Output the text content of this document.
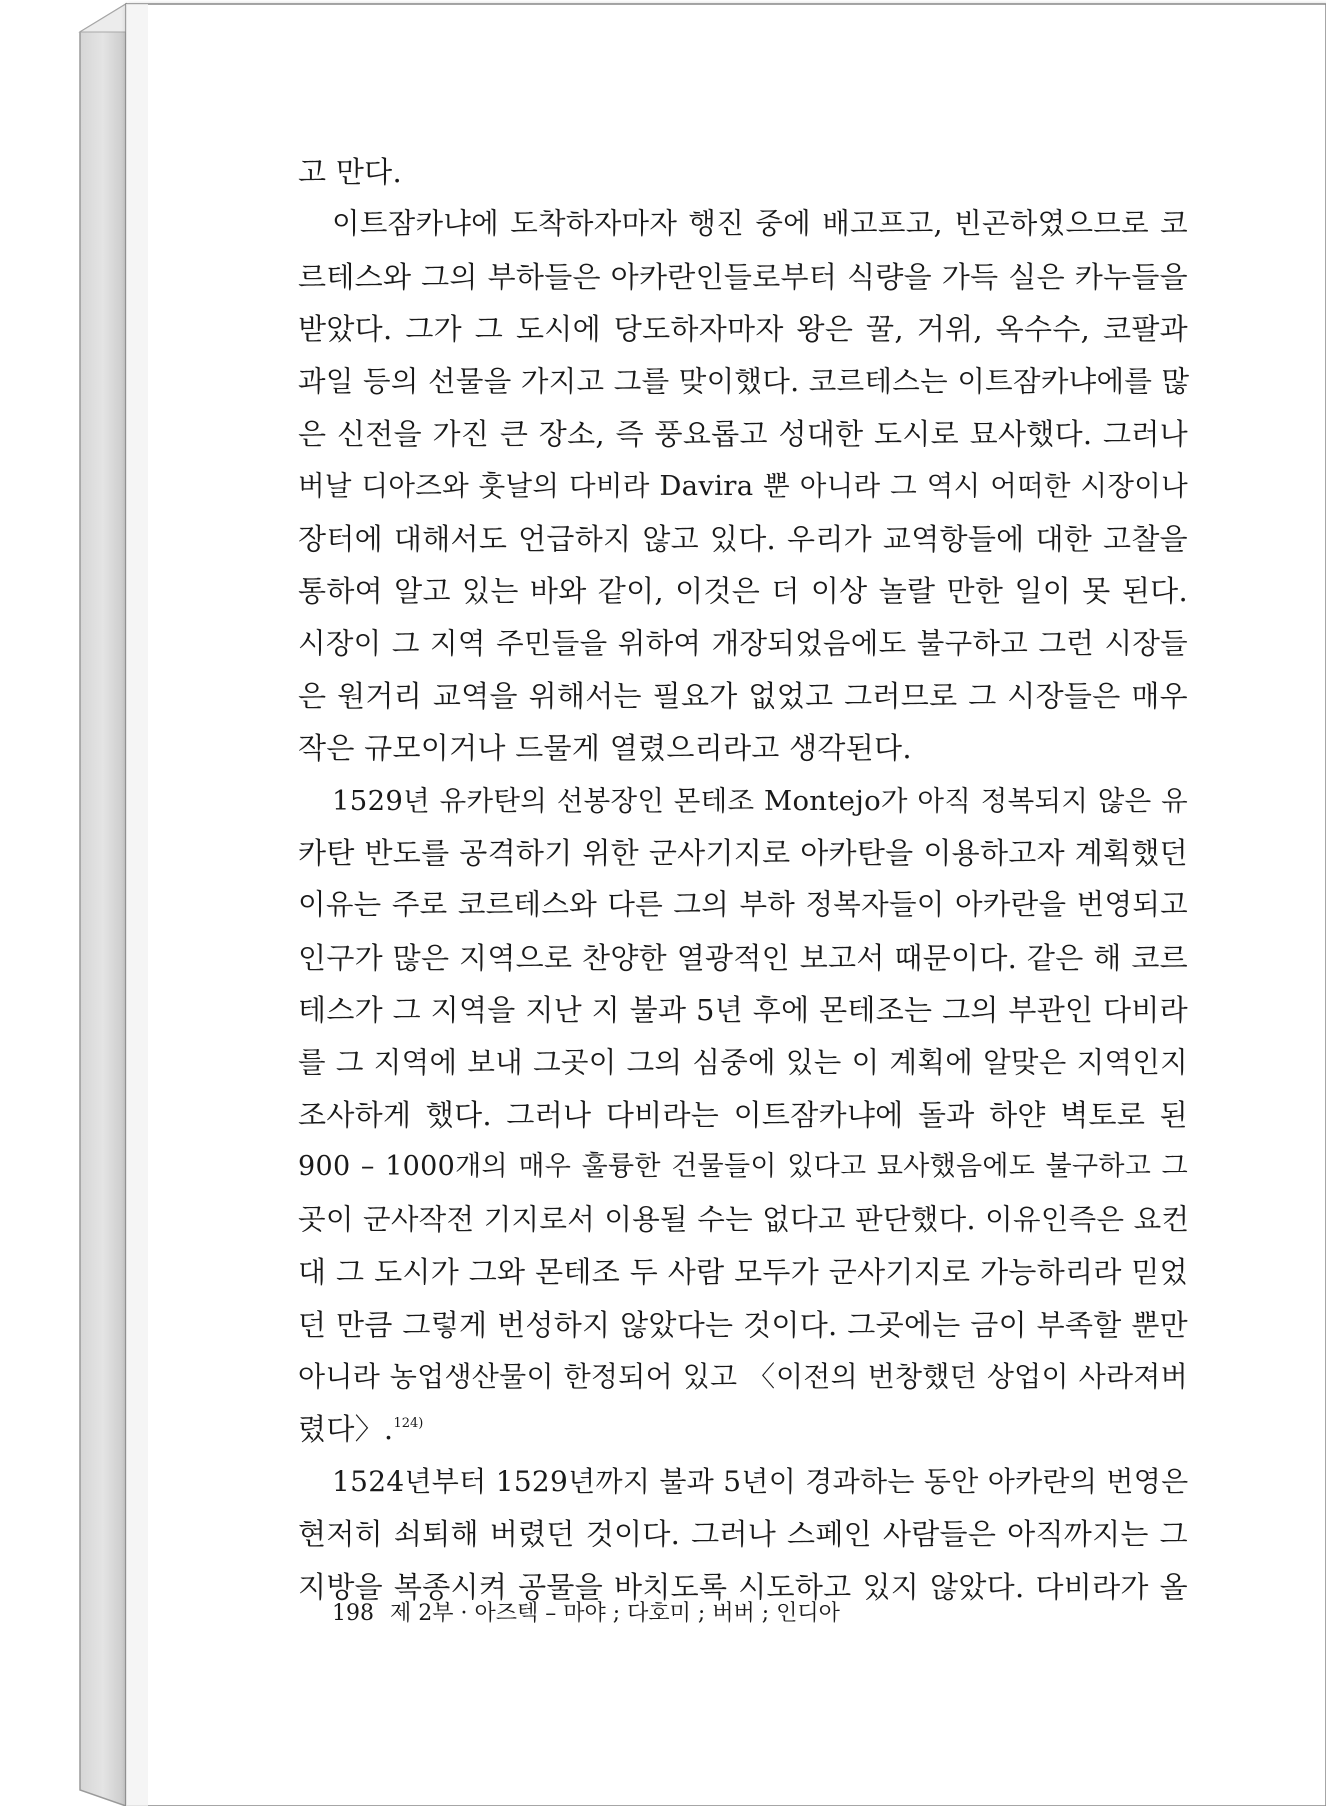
고 만다.
이트잠카냐에 도착하자마자 행진 중에 배고프고, 빈곤하였으므로 코
르테스와 그의 부하들은 아카란인들로부터 식량을 가득 실은 카누들을
받았다. 그가 그 도시에 당도하자마자 왕은 꿀, 거위, 옥수수, 코팔과
과일 등의 선물을 가지고 그를 맞이했다. 코르테스는 이트잠카냐에를 많
은 신전을 가진 큰 장소, 즉 풍요롭고 성대한 도시로 묘사했다. 그러나
버날 디아즈와 훗날의 다비라 Davira 뿐 아니라 그 역시 어떠한 시장이나
장터에 대해서도 언급하지 않고 있다. 우리가 교역항들에 대한 고찰을
통하여 알고 있는 바와 같이, 이것은 더 이상 놀랄 만한 일이 못 된다.
시장이 그 지역 주민들을 위하여 개장되었음에도 불구하고 그런 시장들
은 원거리 교역을 위해서는 필요가 없었고 그러므로 그 시장들은 매우
작은 규모이거나 드물게 열렸으리라고 생각된다.
1529년 유카탄의 선봉장인 몬테조 Montejo가 아직 정복되지 않은 유
카탄 반도를 공격하기 위한 군사기지로 아카탄을 이용하고자 계획했던
이유는 주로 코르테스와 다른 그의 부하 정복자들이 아카란을 번영되고
인구가 많은 지역으로 찬양한 열광적인 보고서 때문이다. 같은 해 코르
테스가 그 지역을 지난 지 불과 5년 후에 몬테조는 그의 부관인 다비라
를 그 지역에 보내 그곳이 그의 심중에 있는 이 계획에 알맞은 지역인지
조사하게 했다. 그러나 다비라는 이트잠카냐에 돌과 하얀 벽토로 된
900 – 1000개의 매우 훌륭한 건물들이 있다고 묘사했음에도 불구하고 그
곳이 군사작전 기지로서 이용될 수는 없다고 판단했다. 이유인즉은 요컨
대 그 도시가 그와 몬테조 두 사람 모두가 군사기지로 가능하리라 믿었
던 만큼 그렇게 번성하지 않았다는 것이다. 그곳에는 금이 부족할 뿐만
아니라 농업생산물이 한정되어 있고 〈이전의 번창했던 상업이 사라져버
렸다〉.$^{124)}$
1524년부터 1529년까지 불과 5년이 경과하는 동안 아카란의 번영은
현저히 쇠퇴해 버렸던 것이다. 그러나 스페인 사람들은 아직까지는 그
지방을 복종시켜 공물을 바치도록 시도하고 있지 않았다. 다비라가 올
198 제 2부 · 아즈텍 – 마야 ; 다호미 ; 버버 ; 인디아
